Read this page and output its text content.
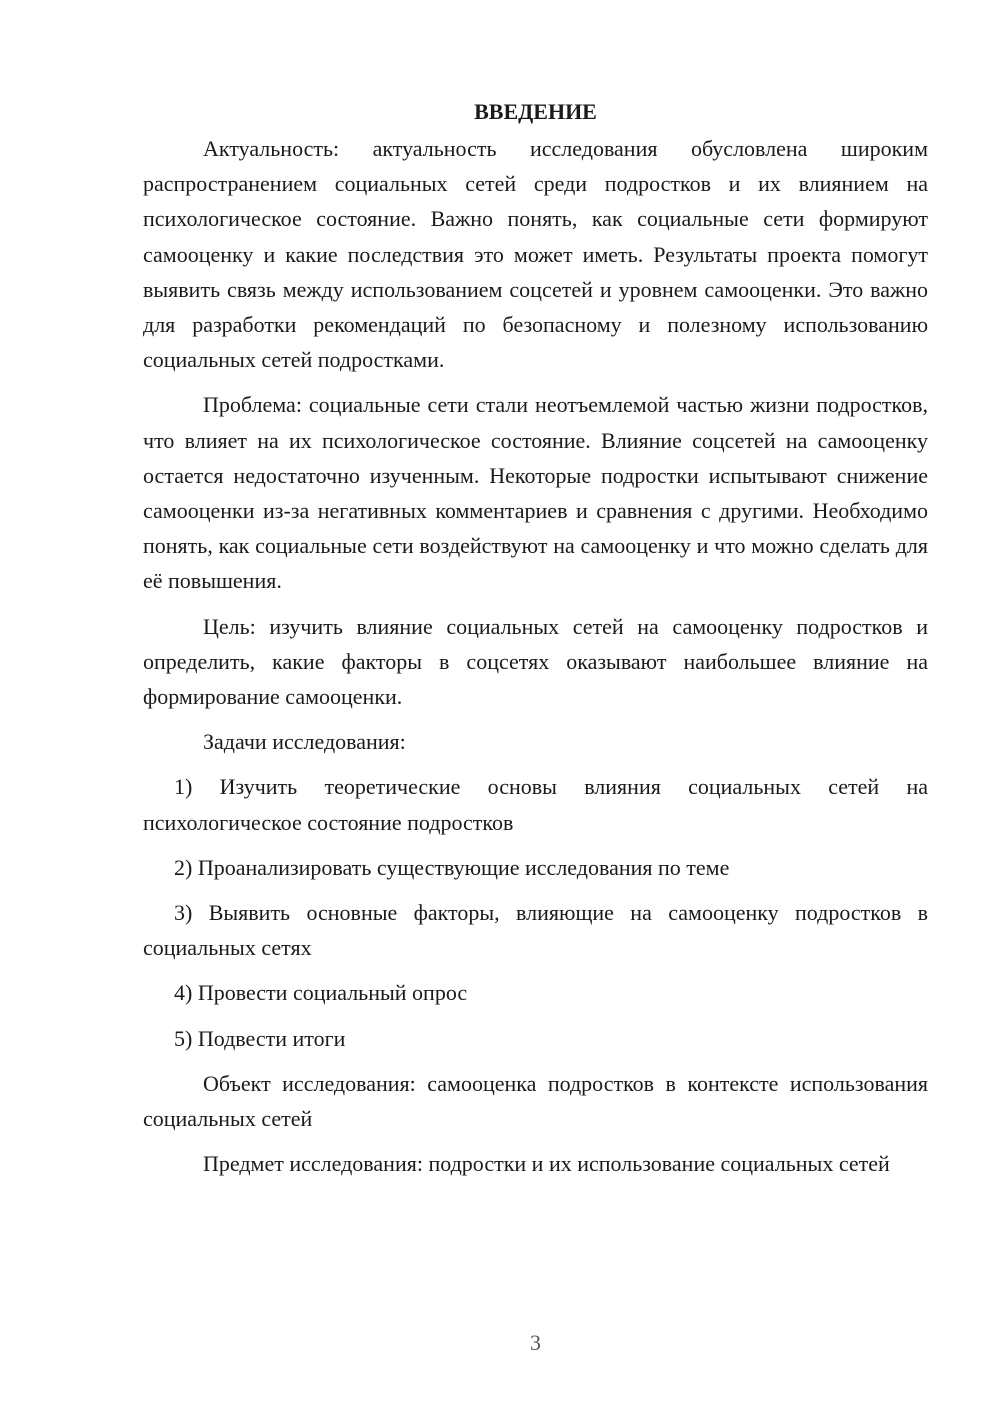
ВВЕДЕНИЕ

Актуальность: актуальность исследования обусловлена широким распространением социальных сетей среди подростков и их влиянием на психологическое состояние. Важно понять, как социальные сети формируют самооценку и какие последствия это может иметь. Результаты проекта помогут выявить связь между использованием соцсетей и уровнем самооценки. Это важно для разработки рекомендаций по безопасному и полезному использованию социальных сетей подростками.

Проблема: социальные сети стали неотъемлемой частью жизни подростков, что влияет на их психологическое состояние. Влияние соцсетей на самооценку остается недостаточно изученным. Некоторые подростки испытывают снижение самооценки из-за негативных комментариев и сравнения с другими. Необходимо понять, как социальные сети воздействуют на самооценку и что можно сделать для её повышения.

Цель: изучить влияние социальных сетей на самооценку подростков и определить, какие факторы в соцсетях оказывают наибольшее влияние на формирование самооценки.

Задачи исследования:

1) Изучить теоретические основы влияния социальных сетей на психологическое состояние подростков

2) Проанализировать существующие исследования по теме

3) Выявить основные факторы, влияющие на самооценку подростков в социальных сетях

4) Провести социальный опрос

5) Подвести итоги

Объект исследования: самооценка подростков в контексте использования социальных сетей

Предмет исследования: подростки и их использование социальных сетей

3
